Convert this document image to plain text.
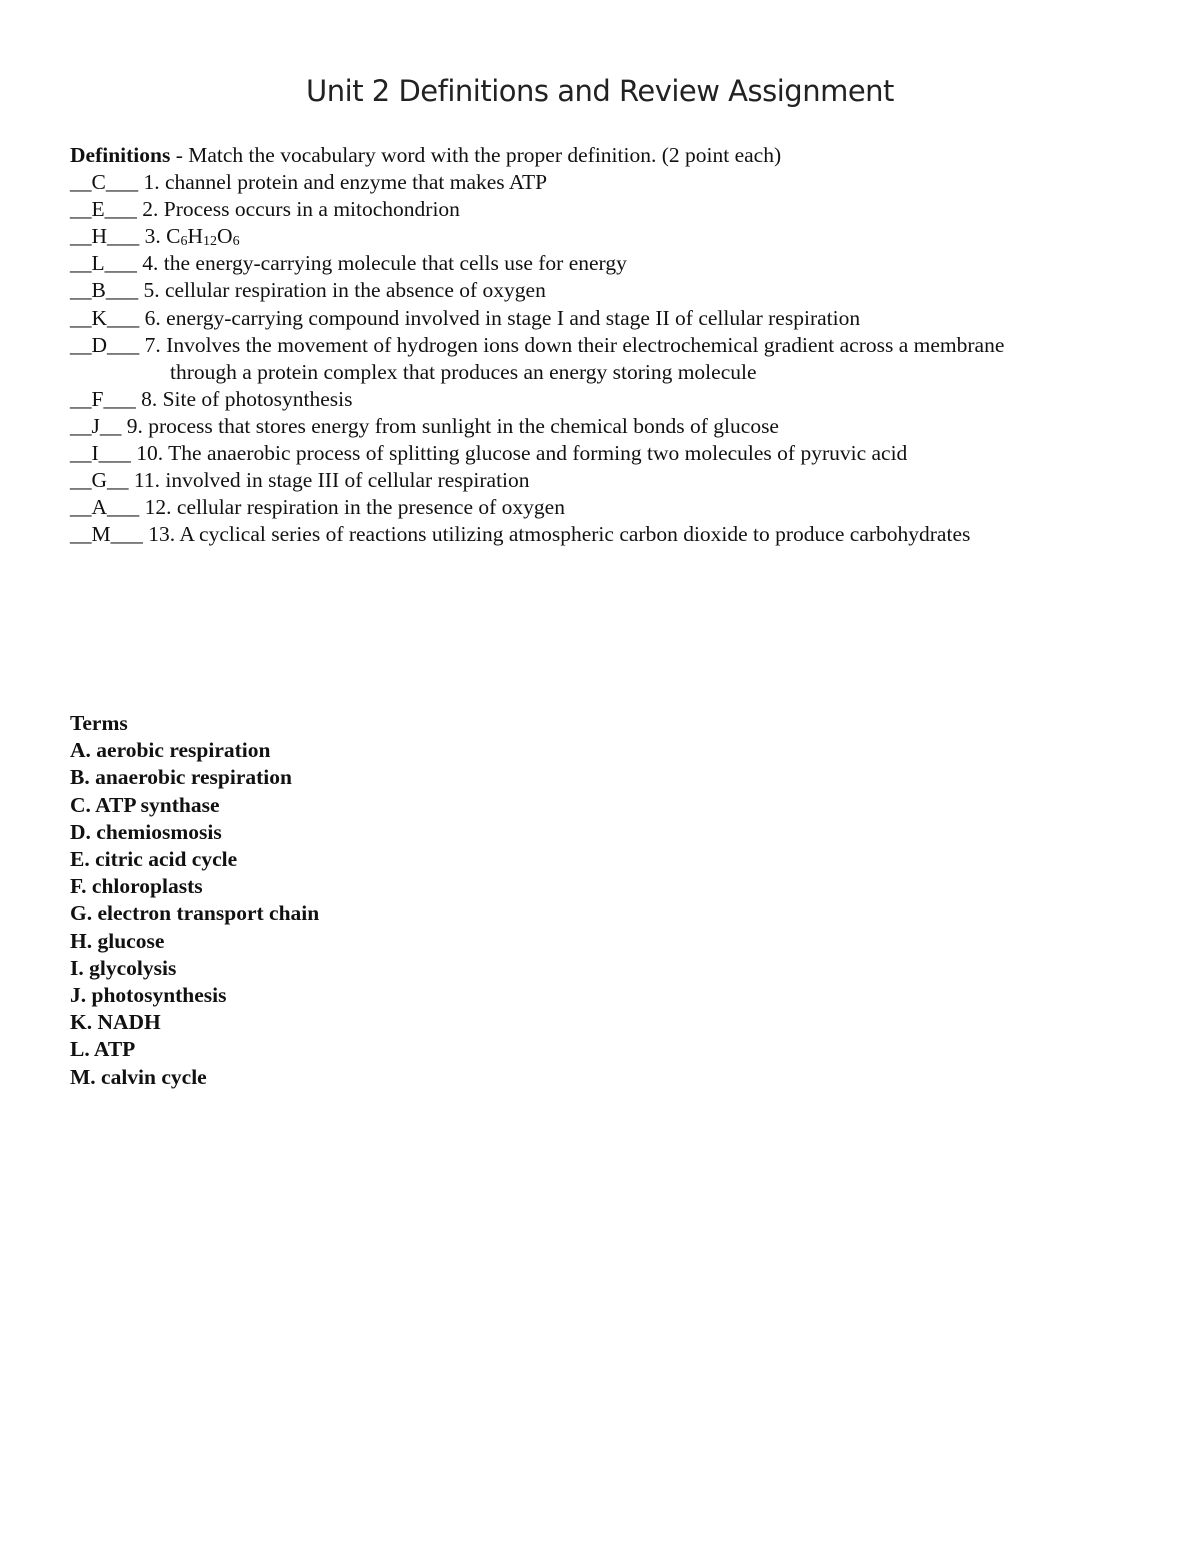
Unit 2 Definitions and Review Assignment
Definitions - Match the vocabulary word with the proper definition. (2 point each)
__C___ 1. channel protein and enzyme that makes ATP
__E___ 2. Process occurs in a mitochondrion
__H___ 3. $C_6H_{12}O_6$
__L___ 4. the energy-carrying molecule that cells use for energy
__B___ 5. cellular respiration in the absence of oxygen
__K___ 6. energy-carrying compound involved in stage I and stage II of cellular respiration
__D___ 7. Involves the movement of hydrogen ions down their electrochemical gradient across a membrane
through a protein complex that produces an energy storing molecule
__F___ 8. Site of photosynthesis
__J__ 9. process that stores energy from sunlight in the chemical bonds of glucose
__I___ 10. The anaerobic process of splitting glucose and forming two molecules of pyruvic acid
__G__ 11. involved in stage III of cellular respiration
__A___ 12. cellular respiration in the presence of oxygen
__M___ 13. A cyclical series of reactions utilizing atmospheric carbon dioxide to produce carbohydrates
Terms
A. aerobic respiration
B. anaerobic respiration
C. ATP synthase
D. chemiosmosis
E. citric acid cycle
F. chloroplasts
G. electron transport chain
H. glucose
I. glycolysis
J. photosynthesis
K. NADH
L. ATP
M. calvin cycle
